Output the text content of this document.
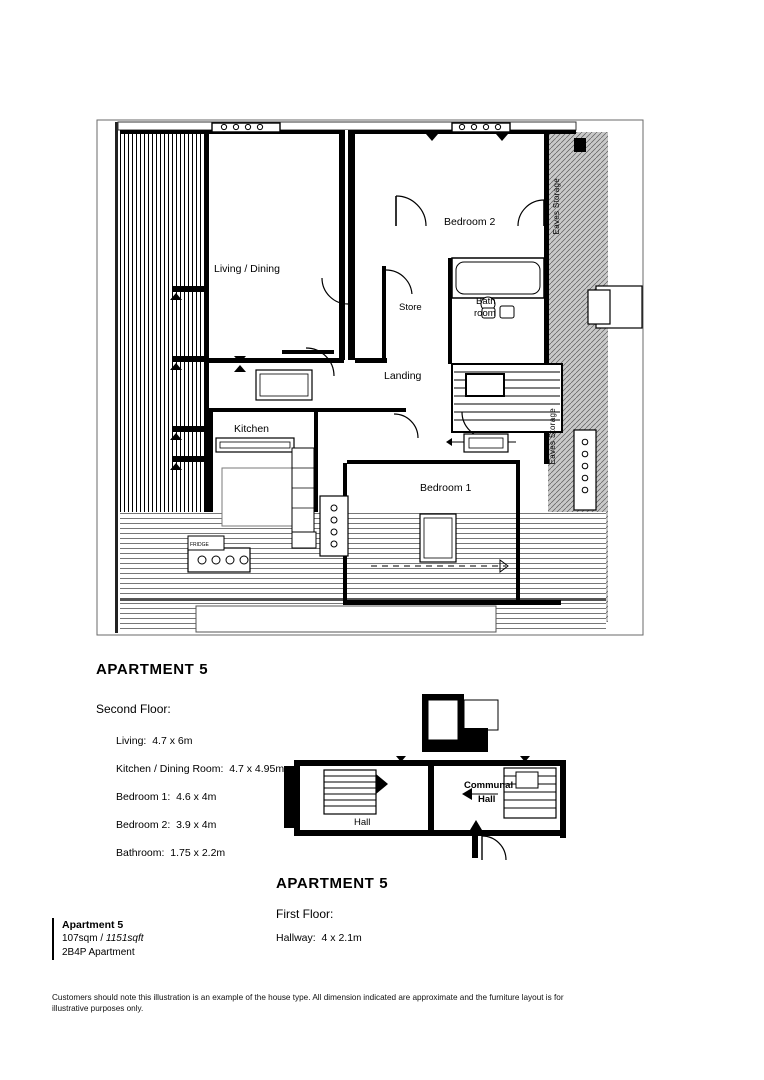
FRIDGE
Living / Dining
Kitchen
Landing
Store
Bath
room
Bedroom 1
Bedroom 2	Eaves Storage
Eaves Storage
APARTMENT 5
Second Floor:
Living: 4.7 x 6m
Kitchen / Dining Room: 4.7 x 4.95m
Bedroom 1: 4.6 x 4m
Bedroom 2: 3.9 x 4m
Bathroom: 1.75 x 2.2m
Hall
Communal
Hall
APARTMENT 5
First Floor:
Hallway: 4 x 2.1m
Apartment 5
107sqm / 1151sqft
2B4P Apartment
Customers should note this illustration is an example of the house type. All dimension indicated are approximate and the furniture layout is for
illustrative purposes only.
